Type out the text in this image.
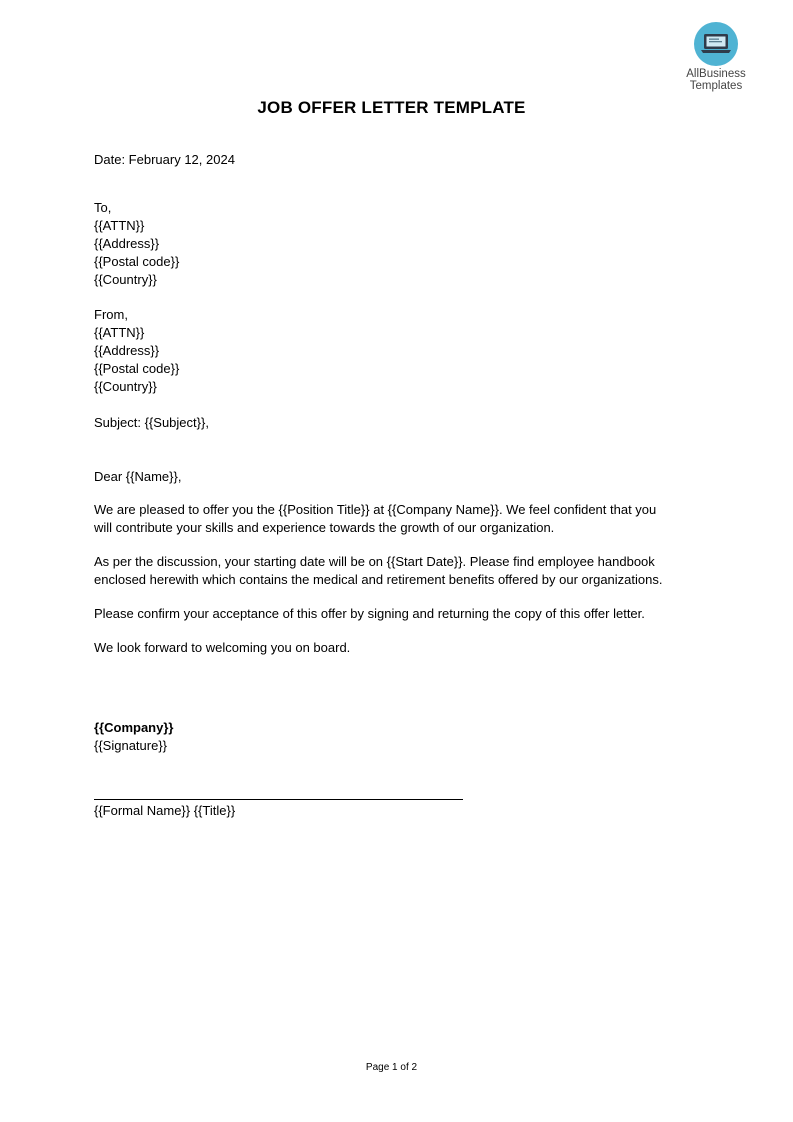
AllBusiness
Templates
JOB OFFER LETTER TEMPLATE
Date: February 12, 2024
To,
{{ATTN}}
{{Address}}
{{Postal code}}
{{Country}}
From,
{{ATTN}}
{{Address}}
{{Postal code}}
{{Country}}
Subject: {{Subject}},
Dear {{Name}},
We are pleased to offer you the {{Position Title}} at {{Company Name}}. We feel confident that you
will contribute your skills and experience towards the growth of our organization.
As per the discussion, your starting date will be on {{Start Date}}. Please find employee handbook
enclosed herewith which contains the medical and retirement benefits offered by our organizations.
Please confirm your acceptance of this offer by signing and returning the copy of this offer letter.
We look forward to welcoming you on board.
{{Company}}
{{Signature}}
{{Formal Name}} {{Title}}
Page 1 of 2
